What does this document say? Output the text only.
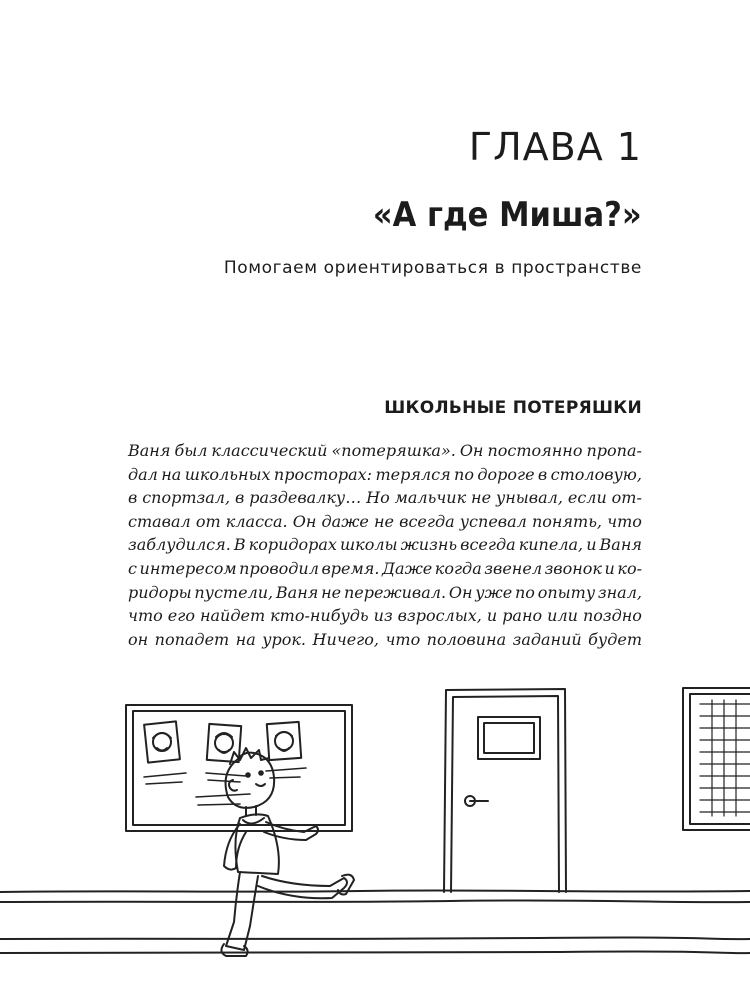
ГЛАВА 1
«А где Миша?»

Помогаем ориентироваться в пространстве

ШКОЛЬНЫЕ ПОТЕРЯШКИ
Ваня был классический «потеряшка». Он постоянно пропа-
дал на школьных просторах: терялся по дороге в столовую,
в спортзал, в раздевалку… Но мальчик не унывал, если от-
ставал от класса. Он даже не всегда успевал понять, что
заблудился. В коридорах школы жизнь всегда кипела, и Ваня
с интересом проводил время. Даже когда звенел звонок и ко-
ридоры пустели, Ваня не переживал. Он уже по опыту знал,
что его найдет кто-нибудь из взрослых, и рано или поздно
он попадет на урок. Ничего, что половина заданий будет
